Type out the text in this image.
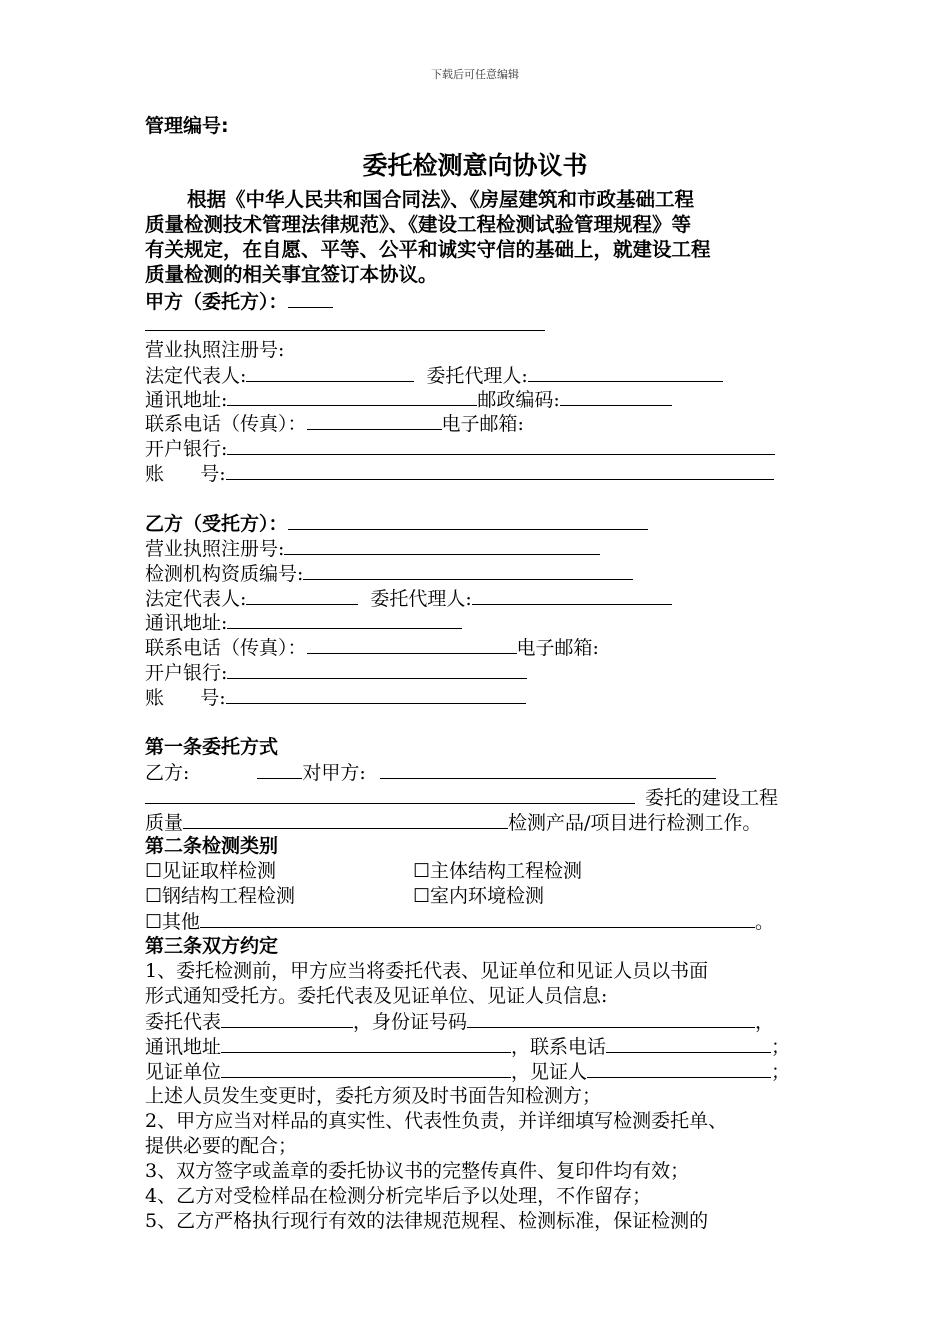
下载后可任意编辑
管理编号:
委托检测意向协议书
根据《中华人民共和国合同法》、《房屋建筑和市政基础工程
质量检测技术管理法律规范》、《建设工程检测试验管理规程》等
有关规定，在自愿、平等、公平和诚实守信的基础上，就建设工程
质量检测的相关事宜签订本协议。
甲方（委托方）：
营业执照注册号:
法定代表人:	委托代理人:
通讯地址:	邮政编码:
联系电话（传真）：	电子邮箱:
开户银行:
账      号:
乙方（受托方）：
营业执照注册号:
检测机构资质编号:
法定代表人:	委托代理人:
通讯地址:
联系电话（传真）：	电子邮箱:
开户银行:
账      号:
第一条委托方式
乙方:	对甲方:
委托的建设工程
质量	检测产品/项目进行检测工作。
第二条检测类别
☐见证取样检测	☐主体结构工程检测
☐钢结构工程检测	☐室内环境检测
☐其他	。
第三条双方约定
1、委托检测前，甲方应当将委托代表、见证单位和见证人员以书面
形式通知受托方。委托代表及见证单位、见证人员信息:
委托代表	，身份证号码	，
通讯地址	，联系电话	；
见证单位	，见证人	；
上述人员发生变更时，委托方须及时书面告知检测方；
2、甲方应当对样品的真实性、代表性负责，并详细填写检测委托单、
提供必要的配合；
3、双方签字或盖章的委托协议书的完整传真件、复印件均有效；
4、乙方对受检样品在检测分析完毕后予以处理，不作留存；
5、乙方严格执行现行有效的法律规范规程、检测标准，保证检测的
